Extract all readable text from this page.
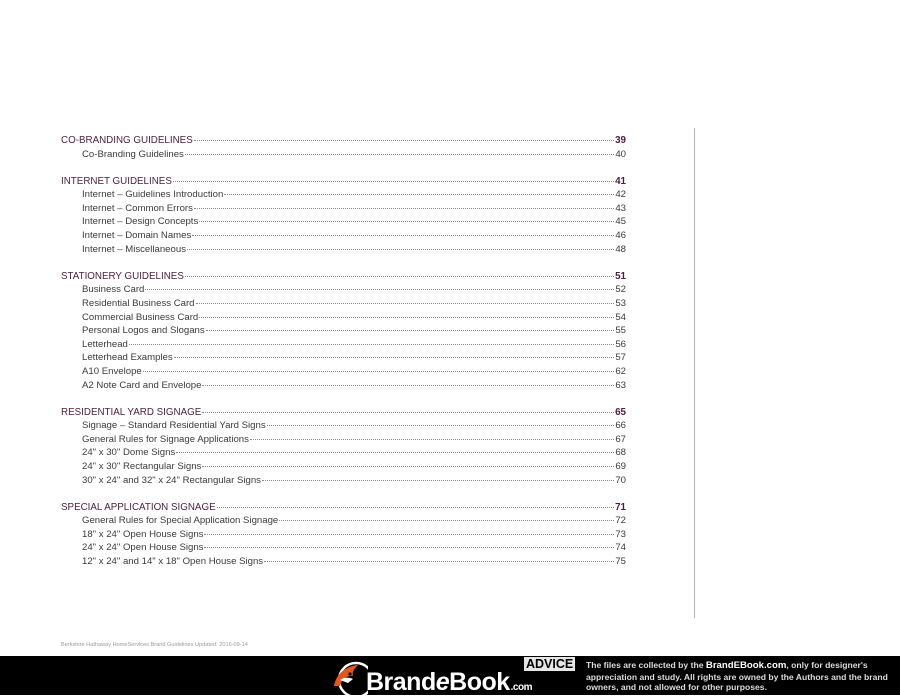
CO-BRANDING GUIDELINES	39
Co-Branding Guidelines	40
INTERNET GUIDELINES	41
Internet – Guidelines Introduction	42
Internet – Common Errors	43
Internet – Design Concepts	45
Internet – Domain Names	46
Internet – Miscellaneous	48
STATIONERY GUIDELINES	51
Business Card	52
Residential Business Card	53
Commercial Business Card	54
Personal Logos and Slogans	55
Letterhead	56
Letterhead Examples	57
A10 Envelope	62
A2 Note Card and Envelope	63
RESIDENTIAL YARD SIGNAGE	65
Signage – Standard Residential Yard Signs	66
General Rules for Signage Applications	67
24" x 30" Dome Signs	68
24" x 30" Rectangular Signs	69
30" x 24" and 32" x 24" Rectangular Signs	70
SPECIAL APPLICATION SIGNAGE	71
General Rules for Special Application Signage	72
18" x 24" Open House Signs	73
24" x 24" Open House Signs	74
12" x 24" and 14" x 18" Open House Signs	75
Berkshire Hathaway HomeServices Brand Guidelines Updated: 2016-09-14
BrandeBook.com
ADVICE The files are collected by the BrandEBook.com, only for designer's appreciation and study. All rights are owned by the Authors and the brand owners, and not allowed for other purposes.
